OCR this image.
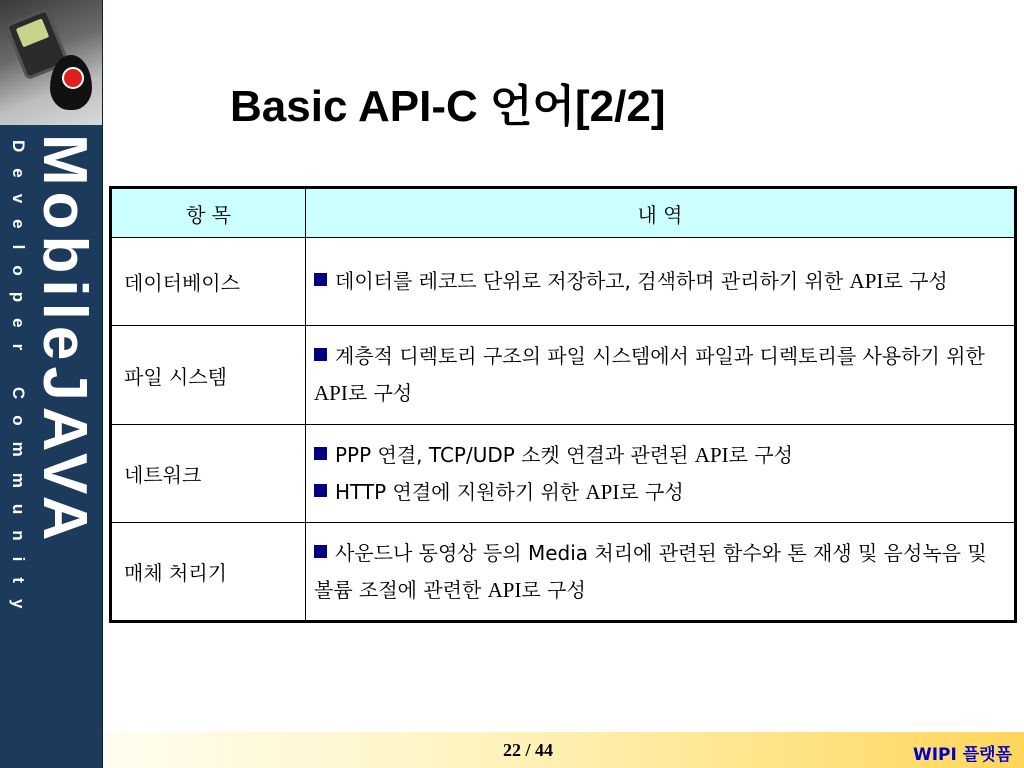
MobileJAVA
Developer Community
Basic API-C 언어[2/2]
항 목	내 역
데이터베이스	데이터를 레코드 단위로 저장하고, 검색하며 관리하기 위한 API로 구성

파일 시스템	계층적 디렉토리 구조의 파일 시스템에서 파일과 디렉토리를 사용하기 위한 API로 구성

네트워크	PPP 연결, TCP/UDP 소켓 연결과 관련된 API로 구성
HTTP 연결에 지원하기 위한 API로 구성

매체 처리기	사운드나 동영상 등의 Media 처리에 관련된 함수와 톤 재생 및 음성녹음 및 볼륨 조절에 관련한 API로 구성
22 / 44	WIPI 플랫폼
